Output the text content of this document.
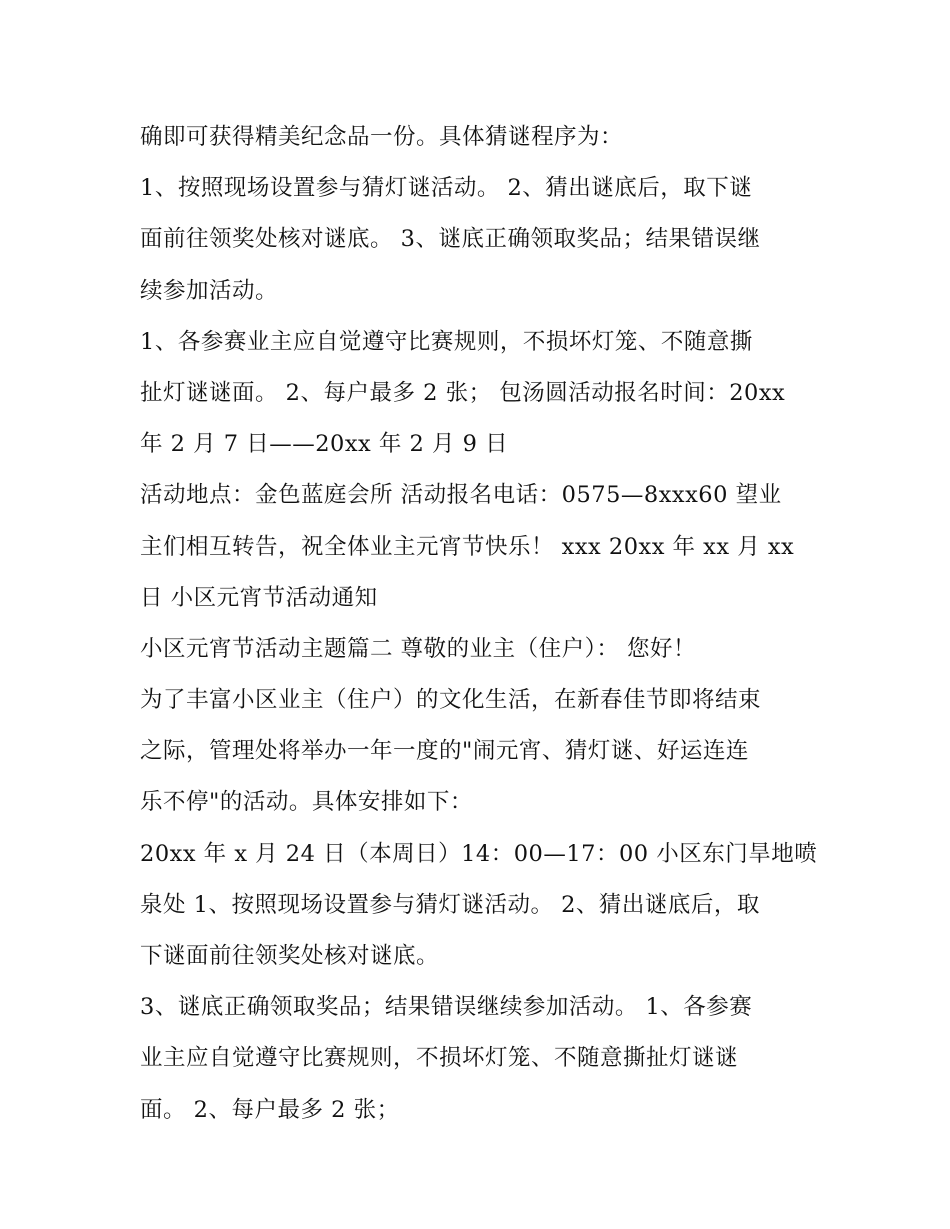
确即可获得精美纪念品一份。具体猜谜程序为：
1、按照现场设置参与猜灯谜活动。 2、猜出谜底后，取下谜
面前往领奖处核对谜底。 3、谜底正确领取奖品；结果错误继
续参加活动。
1、各参赛业主应自觉遵守比赛规则，不损坏灯笼、不随意撕
扯灯谜谜面。 2、每户最多 2 张； 包汤圆活动报名时间：20xx
年 2 月 7 日——20xx 年 2 月 9 日
活动地点：金色蓝庭会所 活动报名电话：0575—8xxx60 望业
主们相互转告，祝全体业主元宵节快乐！ xxx 20xx 年 xx 月 xx
日 小区元宵节活动通知
小区元宵节活动主题篇二 尊敬的业主（住户）： 您好！
为了丰富小区业主（住户）的文化生活，在新春佳节即将结束
之际，管理处将举办一年一度的"闹元宵、猜灯谜、好运连连
乐不停"的活动。具体安排如下：
20xx 年 x 月 24 日（本周日）14：00—17：00 小区东门旱地喷
泉处 1、按照现场设置参与猜灯谜活动。 2、猜出谜底后，取
下谜面前往领奖处核对谜底。
3、谜底正确领取奖品；结果错误继续参加活动。 1、各参赛
业主应自觉遵守比赛规则，不损坏灯笼、不随意撕扯灯谜谜
面。 2、每户最多 2 张；
